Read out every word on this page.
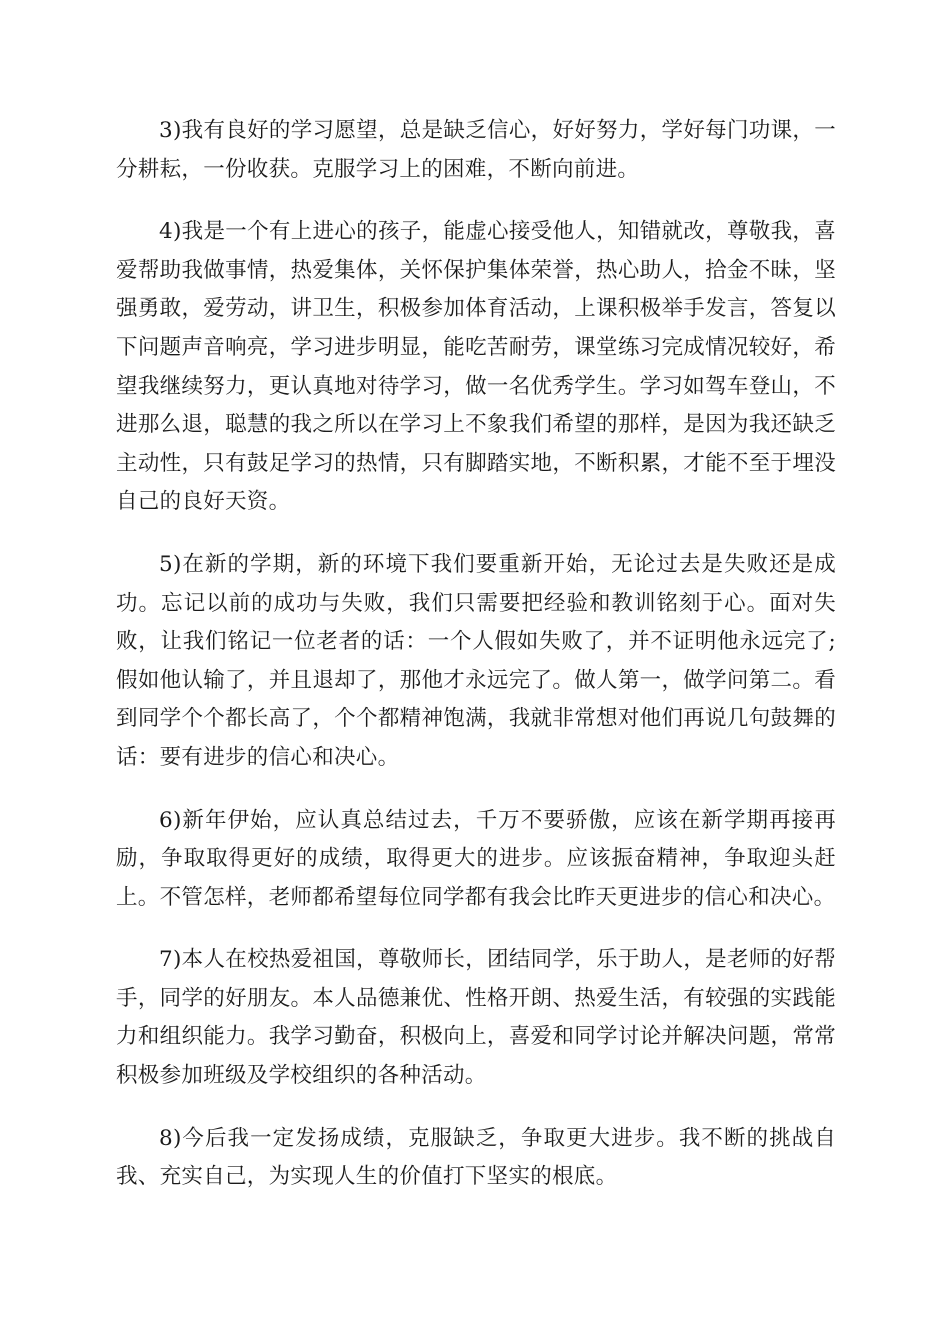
3)我有良好的学习愿望，总是缺乏信心，好好努力，学好每门功课，一分耕耘，一份收获。克服学习上的困难，不断向前进。

4)我是一个有上进心的孩子，能虚心接受他人，知错就改，尊敬我，喜爱帮助我做事情，热爱集体，关怀保护集体荣誉，热心助人，拾金不昧，坚强勇敢，爱劳动，讲卫生，积极参加体育活动，上课积极举手发言，答复以下问题声音响亮，学习进步明显，能吃苦耐劳，课堂练习完成情况较好，希望我继续努力，更认真地对待学习，做一名优秀学生。学习如驾车登山，不进那么退，聪慧的我之所以在学习上不象我们希望的那样，是因为我还缺乏主动性，只有鼓足学习的热情，只有脚踏实地，不断积累，才能不至于埋没自己的良好天资。

5)在新的学期，新的环境下我们要重新开始，无论过去是失败还是成功。忘记以前的成功与失败，我们只需要把经验和教训铭刻于心。面对失败，让我们铭记一位老者的话：一个人假如失败了，并不证明他永远完了;假如他认输了，并且退却了，那他才永远完了。做人第一，做学问第二。看到同学个个都长高了，个个都精神饱满，我就非常想对他们再说几句鼓舞的话：要有进步的信心和决心。

6)新年伊始，应认真总结过去，千万不要骄傲，应该在新学期再接再励，争取取得更好的成绩，取得更大的进步。应该振奋精神，争取迎头赶上。不管怎样，老师都希望每位同学都有我会比昨天更进步的信心和决心。

7)本人在校热爱祖国，尊敬师长，团结同学，乐于助人，是老师的好帮手，同学的好朋友。本人品德兼优、性格开朗、热爱生活，有较强的实践能力和组织能力。我学习勤奋，积极向上，喜爱和同学讨论并解决问题，常常积极参加班级及学校组织的各种活动。

8)今后我一定发扬成绩，克服缺乏，争取更大进步。我不断的挑战自我、充实自己，为实现人生的价值打下坚实的根底。
